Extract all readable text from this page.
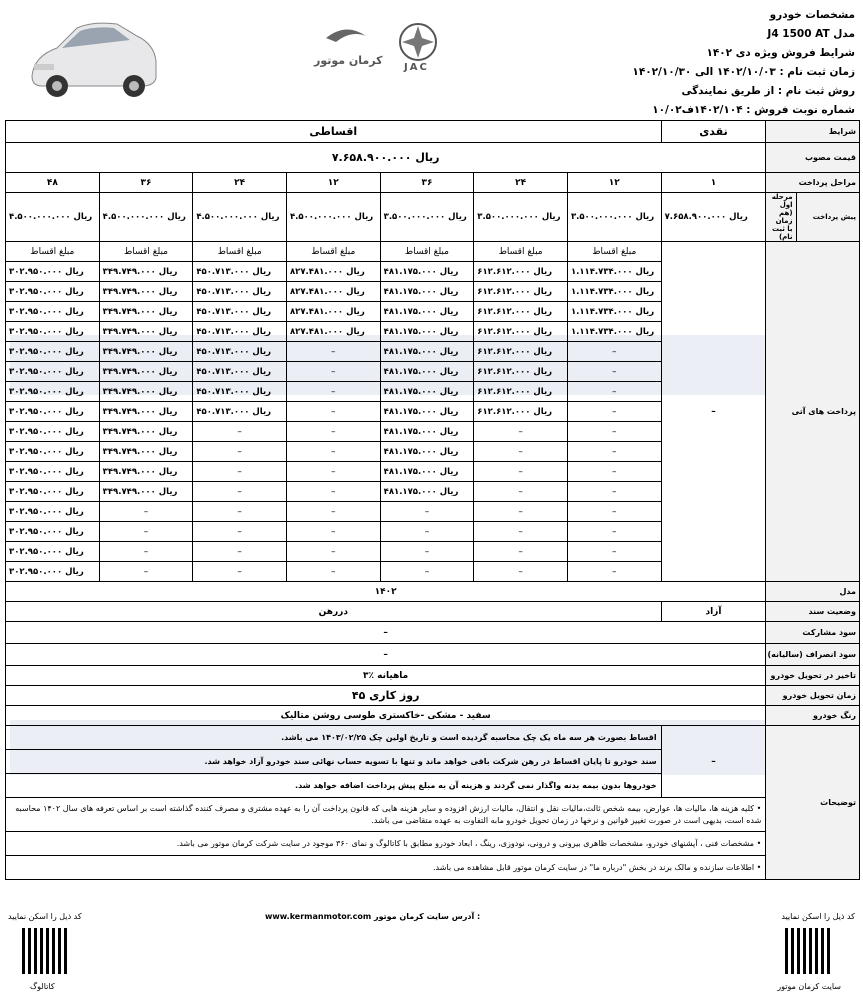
مشخصات خودرو
مدل J4 1500 AT
شرایط فروش ویژه دی ۱۴۰۲
زمان ثبت نام : ۱۴۰۲/۱۰/۰۳ الی ۱۴۰۲/۱۰/۳۰
روش ثبت نام : از طریق نمایندگی
شماره نوبت فروش : ۱۴۰۲/۱۰۴ف۱۰/۰۲
کرمان موتور
JAC
اقساطی							نقدی	شرایط	
۷.۶۵۸.۹۰۰.۰۰۰ ریال								قیمت مصوب	
۴۸	۳۶	۲۴	۱۲	۳۶	۲۴	۱۲	۱	مراحل پرداخت	
۴.۵۰۰.۰۰۰.۰۰۰ ریال	۴.۵۰۰.۰۰۰.۰۰۰ ریال	۴.۵۰۰.۰۰۰.۰۰۰ ریال	۴.۵۰۰.۰۰۰.۰۰۰ ریال	۳.۵۰۰.۰۰۰.۰۰۰ ریال	۳.۵۰۰.۰۰۰.۰۰۰ ریال	۳.۵۰۰.۰۰۰.۰۰۰ ریال	۷.۶۵۸.۹۰۰.۰۰۰ ریال	مرحله اول (هم زمان با ثبت نام)	پیش پرداخت
مبلغ اقساط	مبلغ اقساط	مبلغ اقساط	مبلغ اقساط	مبلغ اقساط	مبلغ اقساط	مبلغ اقساط	–	پرداخت های آتی	
۳۰۲.۹۵۰.۰۰۰ ریال	۳۴۹.۷۴۹.۰۰۰ ریال	۴۵۰.۷۱۳.۰۰۰ ریال	۸۲۷.۴۸۱.۰۰۰ ریال	۴۸۱.۱۷۵.۰۰۰ ریال	۶۱۲.۶۱۲.۰۰۰ ریال	۱.۱۱۴.۷۳۴.۰۰۰ ریال			
۳۰۲.۹۵۰.۰۰۰ ریال	۳۴۹.۷۴۹.۰۰۰ ریال	۴۵۰.۷۱۳.۰۰۰ ریال	۸۲۷.۴۸۱.۰۰۰ ریال	۴۸۱.۱۷۵.۰۰۰ ریال	۶۱۲.۶۱۲.۰۰۰ ریال	۱.۱۱۴.۷۳۴.۰۰۰ ریال			
۳۰۲.۹۵۰.۰۰۰ ریال	۳۴۹.۷۴۹.۰۰۰ ریال	۴۵۰.۷۱۳.۰۰۰ ریال	۸۲۷.۴۸۱.۰۰۰ ریال	۴۸۱.۱۷۵.۰۰۰ ریال	۶۱۲.۶۱۲.۰۰۰ ریال	۱.۱۱۴.۷۳۴.۰۰۰ ریال			
۳۰۲.۹۵۰.۰۰۰ ریال	۳۴۹.۷۴۹.۰۰۰ ریال	۴۵۰.۷۱۳.۰۰۰ ریال	۸۲۷.۴۸۱.۰۰۰ ریال	۴۸۱.۱۷۵.۰۰۰ ریال	۶۱۲.۶۱۲.۰۰۰ ریال	۱.۱۱۴.۷۳۴.۰۰۰ ریال			
۳۰۲.۹۵۰.۰۰۰ ریال	۳۴۹.۷۴۹.۰۰۰ ریال	۴۵۰.۷۱۳.۰۰۰ ریال	–	۴۸۱.۱۷۵.۰۰۰ ریال	۶۱۲.۶۱۲.۰۰۰ ریال	–			
۳۰۲.۹۵۰.۰۰۰ ریال	۳۴۹.۷۴۹.۰۰۰ ریال	۴۵۰.۷۱۳.۰۰۰ ریال	–	۴۸۱.۱۷۵.۰۰۰ ریال	۶۱۲.۶۱۲.۰۰۰ ریال	–			
۳۰۲.۹۵۰.۰۰۰ ریال	۳۴۹.۷۴۹.۰۰۰ ریال	۴۵۰.۷۱۳.۰۰۰ ریال	–	۴۸۱.۱۷۵.۰۰۰ ریال	۶۱۲.۶۱۲.۰۰۰ ریال	–			
۳۰۲.۹۵۰.۰۰۰ ریال	۳۴۹.۷۴۹.۰۰۰ ریال	۴۵۰.۷۱۳.۰۰۰ ریال	–	۴۸۱.۱۷۵.۰۰۰ ریال	۶۱۲.۶۱۲.۰۰۰ ریال	–			
۳۰۲.۹۵۰.۰۰۰ ریال	۳۴۹.۷۴۹.۰۰۰ ریال	–	–	۴۸۱.۱۷۵.۰۰۰ ریال	–	–			
۳۰۲.۹۵۰.۰۰۰ ریال	۳۴۹.۷۴۹.۰۰۰ ریال	–	–	۴۸۱.۱۷۵.۰۰۰ ریال	–	–			
۳۰۲.۹۵۰.۰۰۰ ریال	۳۴۹.۷۴۹.۰۰۰ ریال	–	–	۴۸۱.۱۷۵.۰۰۰ ریال	–	–			
۳۰۲.۹۵۰.۰۰۰ ریال	۳۴۹.۷۴۹.۰۰۰ ریال	–	–	۴۸۱.۱۷۵.۰۰۰ ریال	–	–			
۳۰۲.۹۵۰.۰۰۰ ریال	–	–	–	–	–	–			
۳۰۲.۹۵۰.۰۰۰ ریال	–	–	–	–	–	–			
۳۰۲.۹۵۰.۰۰۰ ریال	–	–	–	–	–	–			
۳۰۲.۹۵۰.۰۰۰ ریال	–	–	–	–	–	–			
۱۴۰۲								مدل	
دررهن							آزاد	وضعیت سند	
–								سود مشارکت	
–								سود انصراف (سالیانه)	
۳٪ ماهیانه								تاخیر در تحویل خودرو	
۴۵ روز کاری								زمان تحویل خودرو	
سفید - مشکی -خاکستری طوسی روشن متالیک								رنگ خودرو	
اقساط بصورت هر سه ماه یک چک محاسبه گردیده است و تاریخ اولین چک ۱۴۰۳/۰۲/۲۵ می باشد.							–	توضیحات	
سند خودرو تا پایان اقساط در رهن شرکت باقی خواهد ماند و تنها با تسویه حساب نهائی سند خودرو آزاد خواهد شد.									
خودروها بدون بیمه بدنه واگذار نمی گردند و هزینه آن به مبلغ پیش پرداخت اضافه خواهد شد.									
• کلیه هزینه ها، مالیات ها، عوارض، بیمه شخص ثالث،مالیات نقل و انتقال، مالیات ارزش افزوده و سایر هزینه هایی که قانون پرداخت آن را به عهده مشتری و مصرف کننده گذاشته است بر اساس تعرفه های سال ۱۴۰۲ محاسبه شده است، بدیهی است در صورت تغییر قوانین و نرخها در زمان تحویل خودرو مابه التفاوت به عهده متقاضی می باشد.									
• مشخصات فنی ، آپشنهای خودرو، مشخصات ظاهری بیرونی و درونی، نودوزی، رینگ ، ابعاد خودرو مطابق با کاتالوگ و نمای ۳۶۰ موجود در سایت شرکت کرمان موتور می باشد.									
• اطلاعات سازنده و مالک برند در بخش "درباره ما" در سایت کرمان موتور قابل مشاهده می باشد.									
کد ذیل را اسکن نمایید
کد ذیل را اسکن نمایید	www.kermanmotor.com آدرس سایت کرمان موتور :
سایت کرمان موتور
کاتالوگ
